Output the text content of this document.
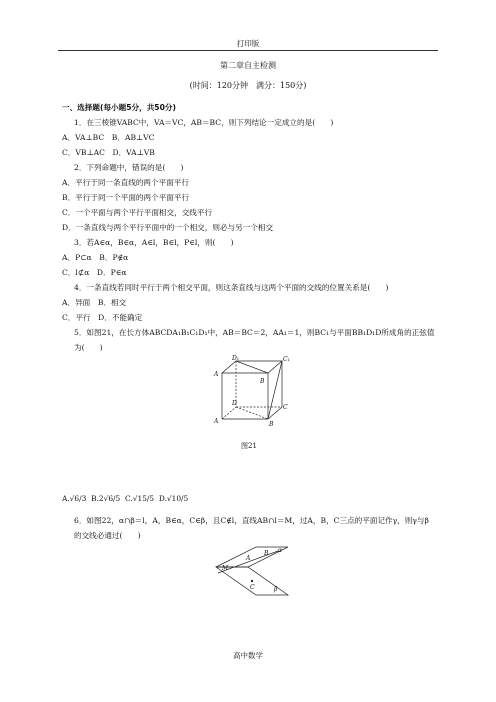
打印版
第二章自主检测
(时间：120分钟　满分：150分)
一、选择题(每小题5分，共50分)
1．在三棱锥VABC中，VA＝VC，AB＝BC，则下列结论一定成立的是(　　)
A．VA⊥BC　B．AB⊥VC
C．VB⊥AC　D．VA⊥VB
2．下列命题中，错误的是(　　)
A．平行于同一条直线的两个平面平行
B．平行于同一个平面的两个平面平行
C．一个平面与两个平行平面相交，交线平行
D．一条直线与两个平行平面中的一个相交，则必与另一个相交
3．若A∈α，B∈α，A∈l，B∈l，P∈l，则(　　)
A．P⊂α　B．P∉α
C．l⊄α　D．P∈α
4．一条直线若同时平行于两个相交平面，则这条直线与这两个平面的交线的位置关系是(　　)
A．异面　B．相交
C．平行　D．不能确定
5．如图21，在长方体ABCDA₁B₁C₁D₁中，AB＝BC＝2，AA₁＝1，则BC₁与平面BB₁D₁D所成角的正弦值为(　　)
D₁	C₁
A
B
D
C
A	B
图21
A.√6/3 B.2√6/5 C.√15/5 D.√10/5
6．如图22，α∩β＝l，A，B∈α，C∈β，且C∉l，直线AB∩l＝M，过A，B，C三点的平面记作γ，则γ与β的交线必通过(　　)
M
A
B α
C	β
高中数学
